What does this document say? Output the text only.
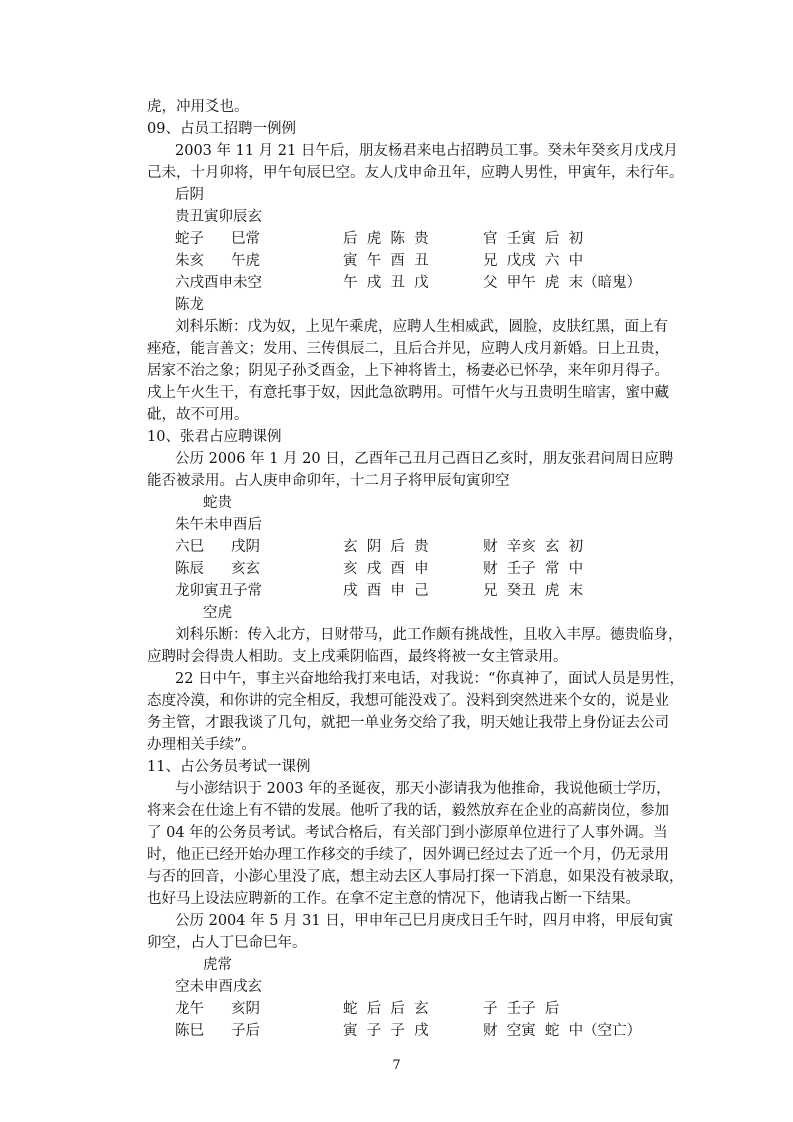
虎，冲用爻也。
09、占员工招聘一例例
2003 年 11 月 21 日午后，朋友杨君来电占招聘员工事。癸未年癸亥月戊戌月
己未，十月卯将，甲午旬辰巳空。友人戊申命丑年，应聘人男性，甲寅年，未行年。
后阴
贵丑寅卯辰玄
蛇子	巳常	后  虎  陈  贵	官  壬寅  后  初
朱亥	午虎	寅  午  酉  丑	兄  戊戌  六  中
六戌酉申未空	午  戌  丑  戊	父  甲午  虎  末（暗鬼）
陈龙
刘科乐断：戊为奴，上见午乘虎，应聘人生相威武，圆脸，皮肤红黑，面上有
痤疮，能言善文；发用、三传俱辰二，且后合并见，应聘人戌月新婚。日上丑贵，
居家不治之象；阴见子孙爻酉金，上下神将皆土，杨妻必已怀孕，来年卯月得子。
戌上午火生干，有意托事于奴，因此急欲聘用。可惜午火与丑贵明生暗害，蜜中藏
砒，故不可用。
10、张君占应聘课例
公历 2006 年 1 月 20 日，乙酉年己丑月己酉日乙亥时，朋友张君问周日应聘
能否被录用。占人庚申命卯年，十二月子将甲辰旬寅卯空
蛇贵
朱午未申酉后
六巳	戌阴	玄  阴  后  贵	财  辛亥  玄  初
陈辰	亥玄	亥  戌  酉  申	财  壬子  常  中
龙卯寅丑子常	戌  酉  申  己	兄  癸丑  虎  末
空虎
刘科乐断：传入北方，日财带马，此工作颇有挑战性，且收入丰厚。德贵临身，
应聘时会得贵人相助。支上戌乘阴临酉，最终将被一女主管录用。
22 日中午，事主兴奋地给我打来电话，对我说：“你真神了，面试人员是男性，
态度冷漠，和你讲的完全相反，我想可能没戏了。没料到突然进来个女的，说是业
务主管，才跟我谈了几句，就把一单业务交给了我，明天她让我带上身份证去公司
办理相关手续”。
11、占公务员考试一课例
与小澎结识于 2003 年的圣诞夜，那天小澎请我为他推命，我说他硕士学历，
将来会在仕途上有不错的发展。他听了我的话，毅然放弃在企业的高薪岗位，参加
了 04 年的公务员考试。考试合格后，有关部门到小澎原单位进行了人事外调。当
时，他正已经开始办理工作移交的手续了，因外调已经过去了近一个月，仍无录用
与否的回音，小澎心里没了底，想主动去区人事局打探一下消息，如果没有被录取，
也好马上设法应聘新的工作。在拿不定主意的情况下，他请我占断一下结果。
公历 2004 年 5 月 31 日，甲申年己巳月庚戌日壬午时，四月申将，甲辰旬寅
卯空，占人丁巳命巳年。
虎常
空未申酉戌玄
龙午	亥阴	蛇  后  后  玄	子  壬子  后
陈巳	子后	寅  子  子  戌	财  空寅  蛇  中（空亡）
7
